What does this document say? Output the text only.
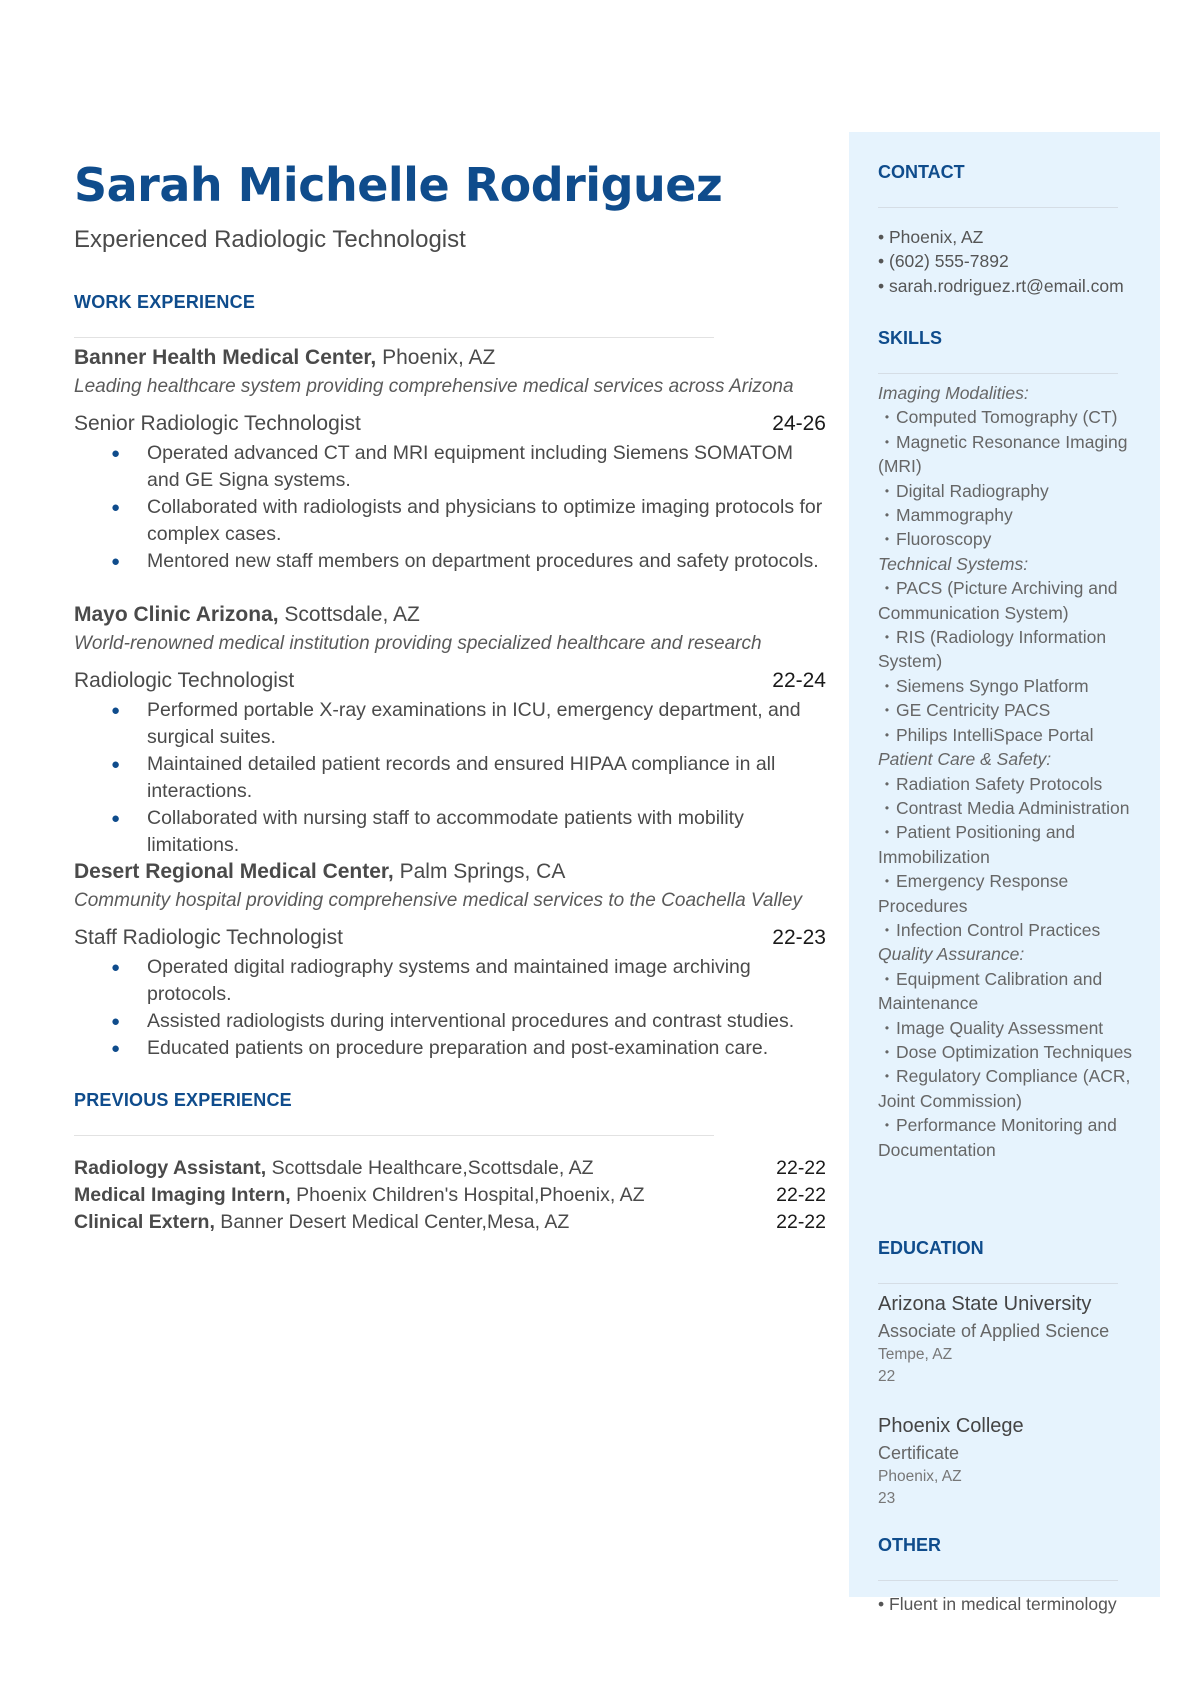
Sarah Michelle Rodriguez
Experienced Radiologic Technologist
WORK EXPERIENCE
Banner Health Medical Center, Phoenix, AZ
Leading healthcare system providing comprehensive medical services across Arizona
Senior Radiologic Technologist	24-26
● Operated advanced CT and MRI equipment including Siemens SOMATOM and GE Signa systems.
● Collaborated with radiologists and physicians to optimize imaging protocols for complex cases.
● Mentored new staff members on department procedures and safety protocols.
Mayo Clinic Arizona, Scottsdale, AZ
World-renowned medical institution providing specialized healthcare and research
Radiologic Technologist	22-24
● Performed portable X-ray examinations in ICU, emergency department, and surgical suites.
● Maintained detailed patient records and ensured HIPAA compliance in all interactions.
● Collaborated with nursing staff to accommodate patients with mobility limitations.
Desert Regional Medical Center, Palm Springs, CA
Community hospital providing comprehensive medical services to the Coachella Valley
Staff Radiologic Technologist	22-23
● Operated digital radiography systems and maintained image archiving protocols.
● Assisted radiologists during interventional procedures and contrast studies.
● Educated patients on procedure preparation and post-examination care.
PREVIOUS EXPERIENCE
Radiology Assistant, Scottsdale Healthcare,Scottsdale, AZ	22-22
Medical Imaging Intern, Phoenix Children's Hospital,Phoenix, AZ	22-22
Clinical Extern, Banner Desert Medical Center,Mesa, AZ	22-22
CONTACT
• Phoenix, AZ
• (602) 555-7892
• sarah.rodriguez.rt@email.com
SKILLS
Imaging Modalities:
• Computed Tomography (CT)
• Magnetic Resonance Imaging (MRI)
• Digital Radiography
• Mammography
• Fluoroscopy
Technical Systems:
• PACS (Picture Archiving and Communication System)
• RIS (Radiology Information System)
• Siemens Syngo Platform
• GE Centricity PACS
• Philips IntelliSpace Portal
Patient Care & Safety:
• Radiation Safety Protocols
• Contrast Media Administration
• Patient Positioning and Immobilization
• Emergency Response Procedures
• Infection Control Practices
Quality Assurance:
• Equipment Calibration and Maintenance
• Image Quality Assessment
• Dose Optimization Techniques
• Regulatory Compliance (ACR, Joint Commission)
• Performance Monitoring and Documentation
EDUCATION
Arizona State University
Associate of Applied Science
Tempe, AZ
22
Phoenix College
Certificate
Phoenix, AZ
23
OTHER
• Fluent in medical terminology
